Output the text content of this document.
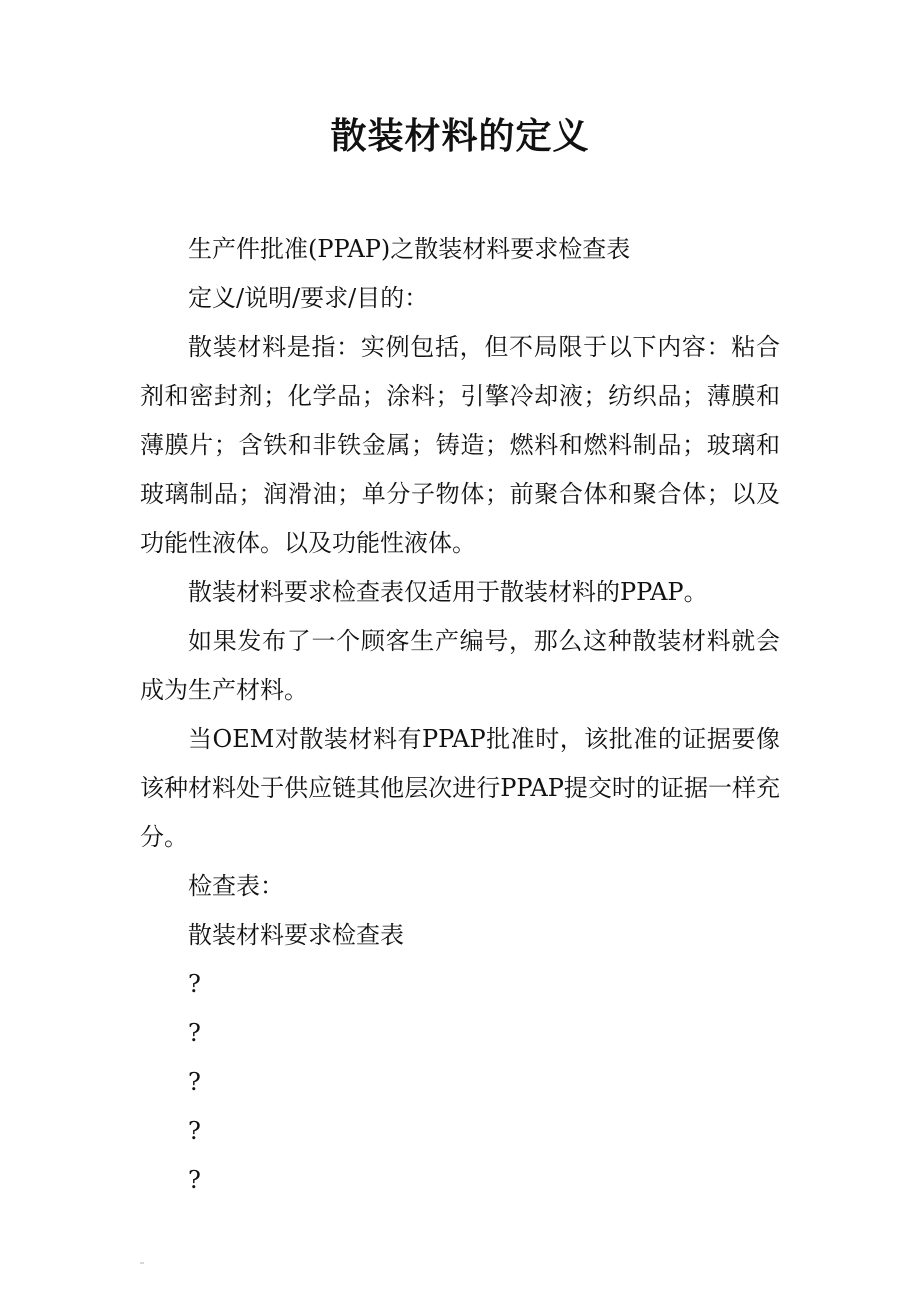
散装材料的定义

生产件批准(PPAP)之散装材料要求检查表

定义/说明/要求/目的：

散装材料是指：实例包括，但不局限于以下内容：粘合剂和密封剂；化学品；涂料；引擎冷却液；纺织品；薄膜和薄膜片；含铁和非铁金属；铸造；燃料和燃料制品；玻璃和玻璃制品；润滑油；单分子物体；前聚合体和聚合体；以及功能性液体。以及功能性液体。

散装材料要求检查表仅适用于散装材料的PPAP。

如果发布了一个顾客生产编号，那么这种散装材料就会成为生产材料。

当OEM对散装材料有PPAP批准时，该批准的证据要像该种材料处于供应链其他层次进行PPAP提交时的证据一样充分。

检查表：

散装材料要求检查表

?

?

?

?

?
